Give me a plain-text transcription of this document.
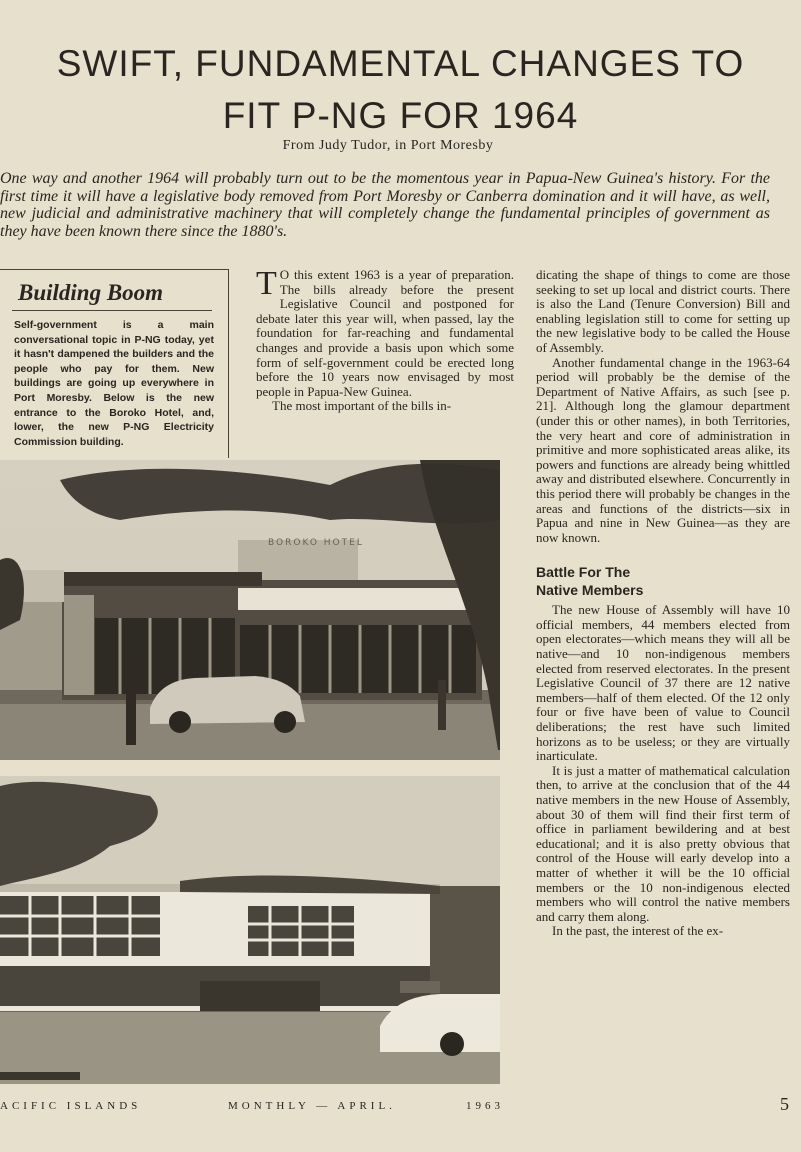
SWIFT, FUNDAMENTAL CHANGES TO
FIT P-NG FOR 1964
From Judy Tudor, in Port Moresby
One way and another 1964 will probably turn out to be the momentous year in Papua-New Guinea's history. For the first time it will have a legislative body removed from Port Moresby or Canberra domination and it will have, as well, new judicial and administrative machinery that will completely change the fundamental principles of government as they have been known there since the 1880's.
Building Boom
Self-government is a main conversational topic in P-NG today, yet it hasn't dampened the builders and the people who pay for them. New buildings are going up everywhere in Port Moresby. Below is the new entrance to the Boroko Hotel, and, lower, the new P-NG Electricity Commission building.

T O this extent 1963 is a year of preparation. The bills already before the present Legislative Council and postponed for debate later this year will, when passed, lay the foundation for far-reaching and fundamental changes and provide a basis upon which some form of self-government could be erected long before the 10 years now envisaged by most people in Papua-New Guinea.

The most important of the bills in-

BOROKO HOTEL

dicating the shape of things to come are those seeking to set up local and district courts. There is also the Land (Tenure Conversion) Bill and enabling legislation still to come for setting up the new legislative body to be called the House of Assembly.

Another fundamental change in the 1963-64 period will probably be the demise of the Department of Native Affairs, as such [see p. 21]. Although long the glamour department (under this or other names), in both Territories, the very heart and core of administration in primitive and more sophisticated areas alike, its powers and functions are already being whittled away and distributed elsewhere. Concurrently in this period there will probably be changes in the areas and functions of the districts—six in Papua and nine in New Guinea—as they are now known.

Battle For The
Native Members

The new House of Assembly will have 10 official members, 44 members elected from open electorates—which means they will all be native—and 10 non-indigenous members elected from reserved electorates. In the present Legislative Council of 37 there are 12 native members—half of them elected. Of the 12 only four or five have been of value to Council deliberations; the rest have such limited horizons as to be useless; or they are virtually inarticulate.

It is just a matter of mathematical calculation then, to arrive at the conclusion that of the 44 native members in the new House of Assembly, about 30 of them will find their first term of office in parliament bewildering and at best educational; and it is also pretty obvious that control of the House will early develop into a matter of whether it will be the 10 official members or the 10 non-indigenous elected members who will control the native members and carry them along.

In the past, the interest of the ex-

ACIFIC ISLANDS	MONTHLY — APRIL.	1963	5
